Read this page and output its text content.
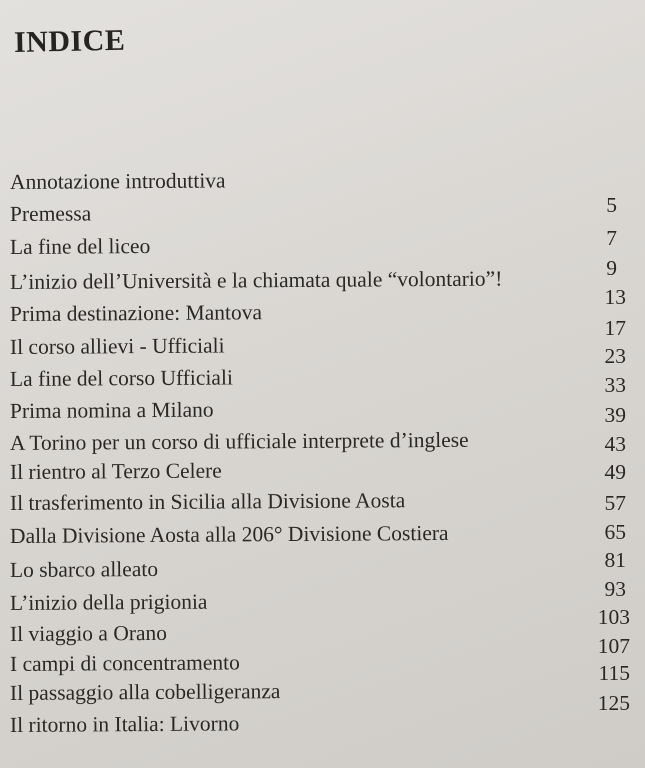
INDICE
Annotazione introduttiva
Premessa
La fine del liceo
L’inizio dell’Università e la chiamata quale “volontario”!
Prima destinazione: Mantova
Il corso allievi - Ufficiali
La fine del corso Ufficiali
Prima nomina a Milano
A Torino per un corso di ufficiale interprete d’inglese
Il rientro al Terzo Celere
Il trasferimento in Sicilia alla Divisione Aosta
Dalla Divisione Aosta alla 206° Divisione Costiera
Lo sbarco alleato
L’inizio della prigionia
Il viaggio a Orano
I campi di concentramento
Il passaggio alla cobelligeranza
Il ritorno in Italia: Livorno
5
7
9
13
17
23
33
39
43
49
57
65
81
93
103
107
115
125
